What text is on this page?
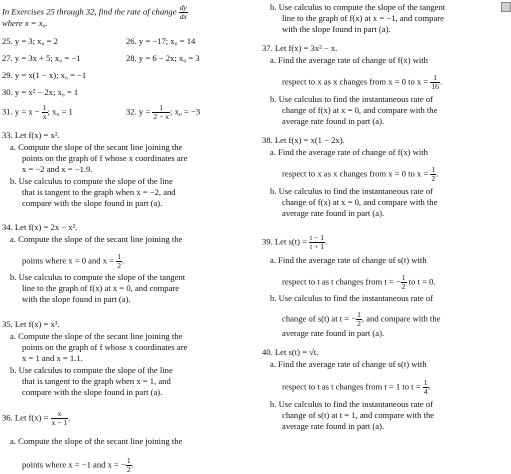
In Exercises 25 through 32, find the rate of change $\frac{dy}{dx}$
where x = x₀.
25. y = 3; x₀ = 2	26. y = −17; x₀ = 14
27. y = 3x + 5; x₀ = −1	28. y = 6 − 2x; x₀ = 3
29. y = x(1 − x); x₀ = −1
30. y = x² − 2x; x₀ = 1
31. $y = x - \frac{1}{x}$ ; x₀ = 1	32. $y = \frac{1}{2 - x}$ ; x₀ = −3
33. Let f(x) = x².
a. Compute the slope of the secant line joining the
points on the graph of f whose x coordinates are
x = −2 and x = −1.9.
b. Use calculus to compute the slope of the line
that is tangent to the graph when x = −2, and
compare with the slope found in part (a).
34. Let f(x) = 2x − x².
a. Compute the slope of the secant line joining the
points where x = 0 and $x = \frac{1}{2}$ .
b. Use calculus to compute the slope of the tangent
line to the graph of f(x) at x = 0, and compare
with the slope found in part (a).
35. Let f(x) = x³.
a. Compute the slope of the secant line joining the
points on the graph of f whose x coordinates are
x = 1 and x = 1.1.
b. Use calculus to compute the slope of the line
that is tangent to the graph when x = 1, and
compare with the slope found in part (a).
36. Let $f(x) = \frac{x}{x - 1}$ .
a. Compute the slope of the secant line joining the
points where x = −1 and x = − $\frac{1}{2}$ .
b. Use calculus to compute the slope of the tangent
line to the graph of f(x) at x = −1, and compare
with the slope found in part (a).
37. Let f(x) = 3x² − x.
a. Find the average rate of change of f(x) with
respect to x as x changes from x = 0 to $x = \frac{1}{16}$ .
b. Use calculus to find the instantaneous rate of
change of f(x) at x = 0, and compare with the
average rate found in part (a).
38. Let f(x) = x(1 − 2x).
a. Find the average rate of change of f(x) with
respect to x as x changes from x = 0 to $x = \frac{1}{2}$ .
b. Use calculus to find the instantaneous rate of
change of f(x) at x = 0, and compare with the
average rate found in part (a).
39. Let $s(t) = \frac{t - 1}{t + 1}$ .
a. Find the average rate of change of s(t) with
respect to t as t changes from t = − $\frac{1}{2}$ to t = 0.
b. Use calculus to find the instantaneous rate of
change of s(t) at t = − $\frac{1}{2}$ , and compare with the
average rate found in part (a).
40. Let s(t) = √t.
a. Find the average rate of change of s(t) with
respect to t as t changes from t = 1 to $t = \frac{1}{4}$ .
b. Use calculus to find the instantaneous rate of
change of s(t) at t = 1, and compare with the
average rate found in part (a).
